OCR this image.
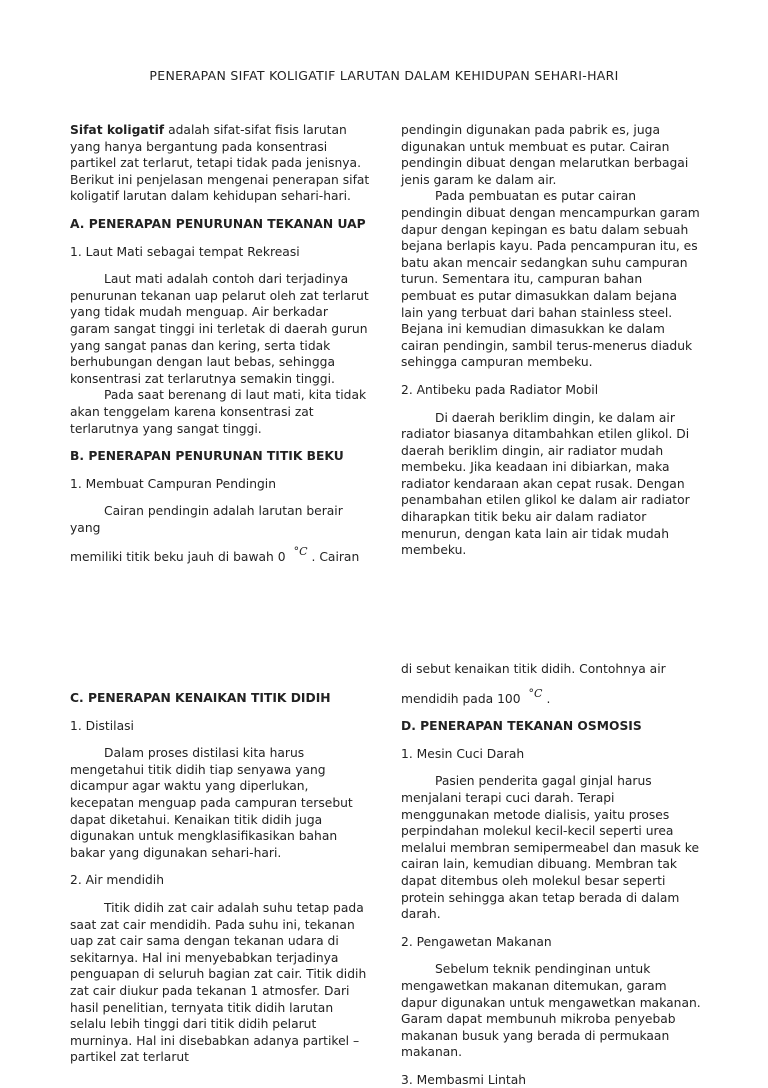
PENERAPAN SIFAT KOLIGATIF LARUTAN DALAM KEHIDUPAN SEHARI-HARI

Sifat koligatif adalah sifat-sifat fisis larutan yang hanya bergantung pada konsentrasi partikel zat terlarut, tetapi tidak pada jenisnya. Berikut ini penjelasan mengenai penerapan sifat koligatif larutan dalam kehidupan sehari-hari.

A. PENERAPAN PENURUNAN TEKANAN UAP

1. Laut Mati sebagai tempat Rekreasi

Laut mati adalah contoh dari terjadinya penurunan tekanan uap pelarut oleh zat terlarut yang tidak mudah menguap. Air berkadar garam sangat tinggi ini terletak di daerah gurun yang sangat panas dan kering, serta tidak berhubungan dengan laut bebas, sehingga konsentrasi zat terlarutnya semakin tinggi.

Pada saat berenang di laut mati, kita tidak akan tenggelam karena konsentrasi zat terlarutnya yang sangat tinggi.

B. PENERAPAN PENURUNAN TITIK BEKU

1. Membuat Campuran Pendingin

Cairan pendingin adalah larutan berair yang

memiliki titik beku jauh di bawah 0 °C . Cairan

pendingin digunakan pada pabrik es, juga digunakan untuk membuat es putar. Cairan pendingin dibuat dengan melarutkan berbagai jenis garam ke dalam air.

Pada pembuatan es putar cairan pendingin dibuat dengan mencampurkan garam dapur dengan kepingan es batu dalam sebuah bejana berlapis kayu. Pada pencampuran itu, es batu akan mencair sedangkan suhu campuran turun. Sementara itu, campuran bahan pembuat es putar dimasukkan dalam bejana lain yang terbuat dari bahan stainless steel. Bejana ini kemudian dimasukkan ke dalam cairan pendingin, sambil terus-menerus diaduk sehingga campuran membeku.

2. Antibeku pada Radiator Mobil

Di daerah beriklim dingin, ke dalam air radiator biasanya ditambahkan etilen glikol. Di daerah beriklim dingin, air radiator mudah membeku. Jika keadaan ini dibiarkan, maka radiator kendaraan akan cepat rusak. Dengan penambahan etilen glikol ke dalam air radiator diharapkan titik beku air dalam radiator menurun, dengan kata lain air tidak mudah membeku.

C. PENERAPAN KENAIKAN TITIK DIDIH

1. Distilasi

Dalam proses distilasi kita harus mengetahui titik didih tiap senyawa yang dicampur agar waktu yang diperlukan, kecepatan menguap pada campuran tersebut dapat diketahui. Kenaikan titik didih juga digunakan untuk mengklasifikasikan bahan bakar yang digunakan sehari-hari.

2. Air mendidih

Titik didih zat cair adalah suhu tetap pada saat zat cair mendidih. Pada suhu ini, tekanan uap zat cair sama dengan tekanan udara di sekitarnya. Hal ini menyebabkan terjadinya penguapan di seluruh bagian zat cair. Titik didih zat cair diukur pada tekanan 1 atmosfer. Dari hasil penelitian, ternyata titik didih larutan selalu lebih tinggi dari titik didih pelarut murninya. Hal ini disebabkan adanya partikel – partikel zat terlarut

di sebut kenaikan titik didih. Contohnya air

mendidih pada 100 °C .

D. PENERAPAN TEKANAN OSMOSIS

1. Mesin Cuci Darah

Pasien penderita gagal ginjal harus menjalani terapi cuci darah. Terapi menggunakan metode dialisis, yaitu proses perpindahan molekul kecil-kecil seperti urea melalui membran semipermeabel dan masuk ke cairan lain, kemudian dibuang. Membran tak dapat ditembus oleh molekul besar seperti protein sehingga akan tetap berada di dalam darah.

2. Pengawetan Makanan

Sebelum teknik pendinginan untuk mengawetkan makanan ditemukan, garam dapur digunakan untuk mengawetkan makanan. Garam dapat membunuh mikroba penyebab makanan busuk yang berada di permukaan makanan.

3. Membasmi Lintah
